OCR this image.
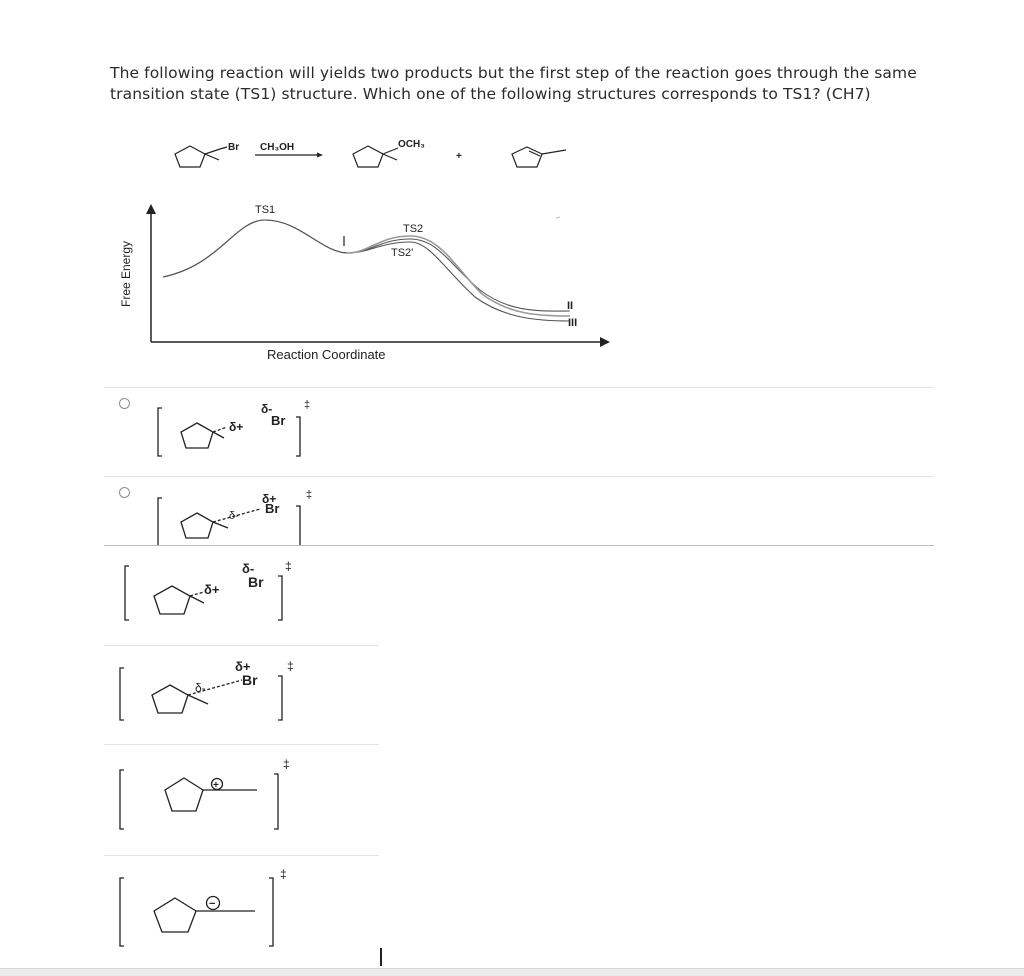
The following reaction will yields two products but the first step of the reaction goes through the same transition state (TS1) structure. Which one of the following structures corresponds to TS1? (CH7)
Br CH₃OH	OCH₃
+
Free Energy
Reaction Coordinate
TS1
TS2
TS2'
II
III
δ-
δ+ Br
‡
δ+
δ- Br
‡
δ-
δ+ Br
‡
δ+
δ-	Br
‡
+
‡
−
‡
